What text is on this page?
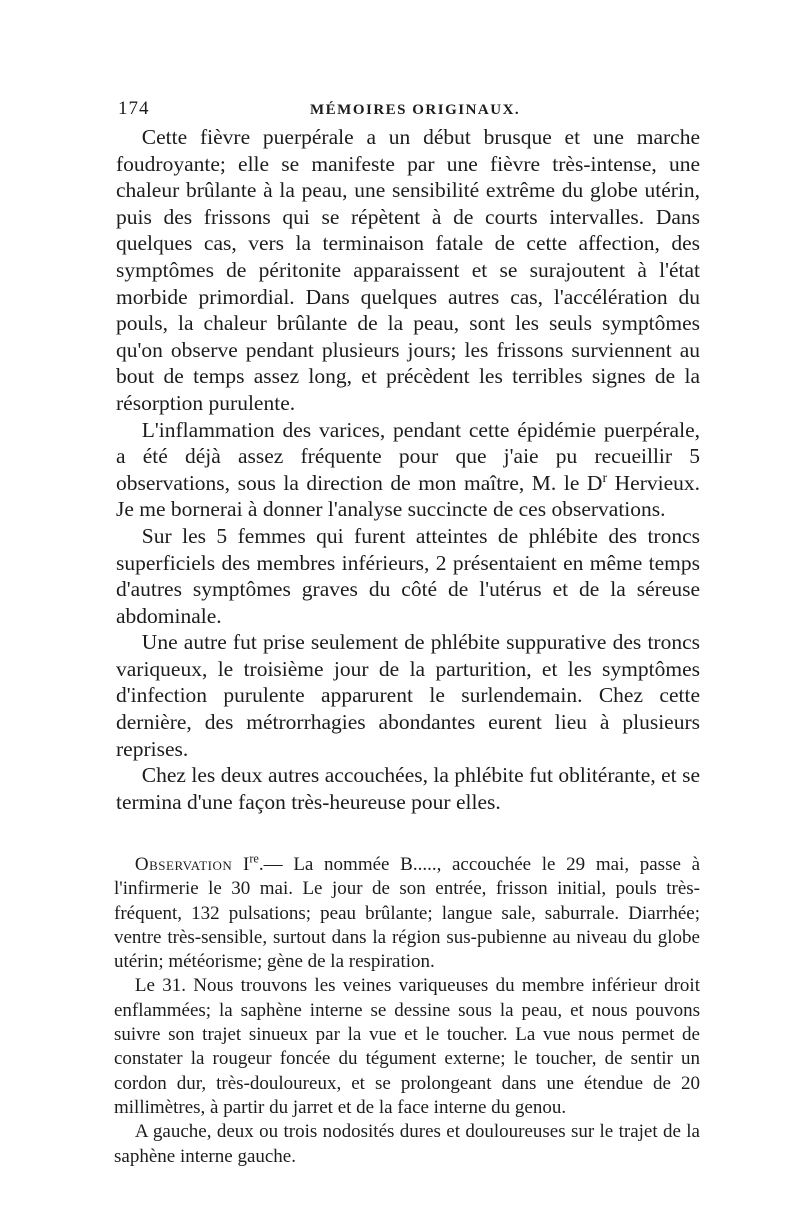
174	MÉMOIRES ORIGINAUX.

Cette fièvre puerpérale a un début brusque et une marche foudroyante; elle se manifeste par une fièvre très-intense, une chaleur brûlante à la peau, une sensibilité extrême du globe utérin, puis des frissons qui se répètent à de courts intervalles. Dans quelques cas, vers la terminaison fatale de cette affection, des symptômes de péritonite apparaissent et se surajoutent à l'état morbide primordial. Dans quelques autres cas, l'accélération du pouls, la chaleur brûlante de la peau, sont les seuls symptômes qu'on observe pendant plusieurs jours; les frissons surviennent au bout de temps assez long, et précèdent les terribles signes de la résorption purulente.

L'inflammation des varices, pendant cette épidémie puerpérale, a été déjà assez fréquente pour que j'aie pu recueillir 5 observations, sous la direction de mon maître, M. le $D^r$ Hervieux. Je me bornerai à donner l'analyse succincte de ces observations.

Sur les 5 femmes qui furent atteintes de phlébite des troncs superficiels des membres inférieurs, 2 présentaient en même temps d'autres symptômes graves du côté de l'utérus et de la séreuse abdominale.

Une autre fut prise seulement de phlébite suppurative des troncs variqueux, le troisième jour de la parturition, et les symptômes d'infection purulente apparurent le surlendemain. Chez cette dernière, des métrorrhagies abondantes eurent lieu à plusieurs reprises.

Chez les deux autres accouchées, la phlébite fut oblitérante, et se termina d'une façon très-heureuse pour elles.

Observation Ire.— La nommée B....., accouchée le 29 mai, passe à l'infirmerie le 30 mai. Le jour de son entrée, frisson initial, pouls très-fréquent, 132 pulsations; peau brûlante; langue sale, saburrale. Diarrhée; ventre très-sensible, surtout dans la région sus-pubienne au niveau du globe utérin; météorisme; gène de la respiration.

Le 31. Nous trouvons les veines variqueuses du membre inférieur droit enflammées; la saphène interne se dessine sous la peau, et nous pouvons suivre son trajet sinueux par la vue et le toucher. La vue nous permet de constater la rougeur foncée du tégument externe; le toucher, de sentir un cordon dur, très-douloureux, et se prolongeant dans une étendue de 20 millimètres, à partir du jarret et de la face interne du genou.

A gauche, deux ou trois nodosités dures et douloureuses sur le trajet de la saphène interne gauche.
